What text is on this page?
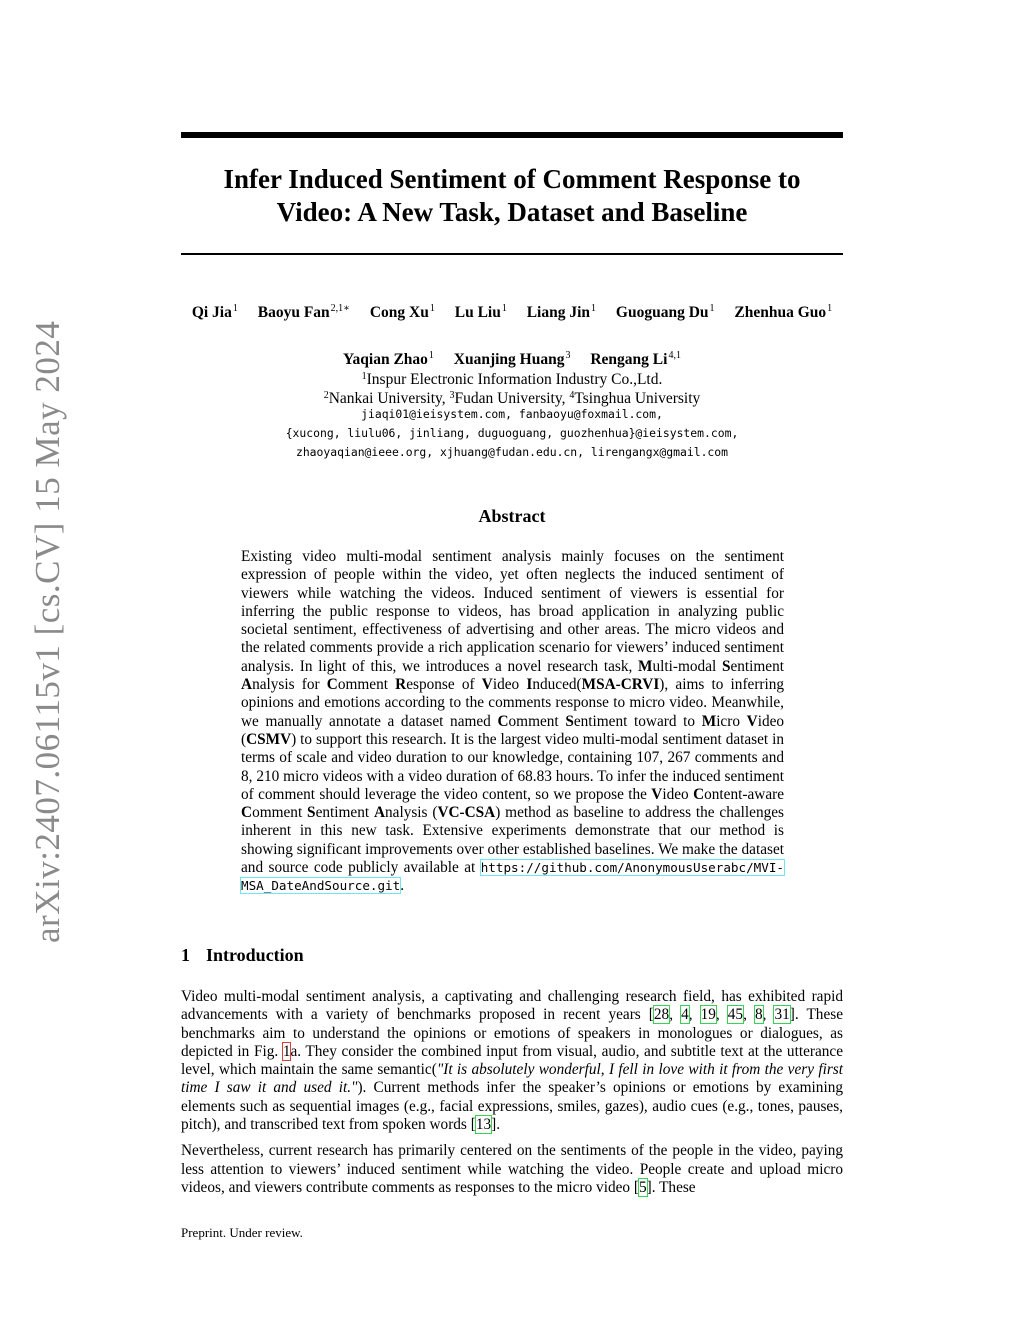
arXiv:2407.06115v1 [cs.CV] 15 May 2024
Infer Induced Sentiment of Comment Response to
Video: A New Task, Dataset and Baseline
Qi Jia$^1$ Baoyu Fan$^{2,1∗}$ Cong Xu$^1$ Lu Liu$^1$ Liang Jin$^1$ Guoguang Du$^1$ Zhenhua Guo$^1$
Yaqian Zhao$^1$ Xuanjing Huang$^3$ Rengang Li$^{4,1}$
$^1$Inspur Electronic Information Industry Co.,Ltd.
$^2$Nankai University, $^3$Fudan University, $^4$Tsinghua University
jiaqi01@ieisystem.com, fanbaoyu@foxmail.com,
{xucong, liulu06, jinliang, duguoguang, guozhenhua}@ieisystem.com,
zhaoyaqian@ieee.org, xjhuang@fudan.edu.cn, lirengangx@gmail.com
Abstract

Existing video multi-modal sentiment analysis mainly focuses on the sentiment expression of people within the video, yet often neglects the induced sentiment of viewers while watching the videos. Induced sentiment of viewers is essential for inferring the public response to videos, has broad application in analyzing public societal sentiment, effectiveness of advertising and other areas. The micro videos and the related comments provide a rich application scenario for viewers’ induced sentiment analysis. In light of this, we introduces a novel research task, Multi-modal Sentiment Analysis for Comment Response of Video Induced(MSA-CRVI), aims to inferring opinions and emotions according to the comments response to micro video. Meanwhile, we manually annotate a dataset named Comment Sentiment toward to Micro Video (CSMV) to support this research. It is the largest video multi-modal sentiment dataset in terms of scale and video duration to our knowledge, containing 107, 267 comments and 8, 210 micro videos with a video duration of 68.83 hours. To infer the induced sentiment of comment should leverage the video content, so we propose the Video Content-aware Comment Sentiment Analysis (VC-CSA) method as baseline to address the challenges inherent in this new task. Extensive experiments demonstrate that our method is showing significant improvements over other established baselines. We make the dataset and source code publicly available at https://github.com/AnonymousUserabc/MVI-MSA_DateAndSource.git.

1 Introduction

Video multi-modal sentiment analysis, a captivating and challenging research field, has exhibited rapid advancements with a variety of benchmarks proposed in recent years [28, 4, 19, 45, 8, 31]. These benchmarks aim to understand the opinions or emotions of speakers in monologues or dialogues, as depicted in Fig. 1a. They consider the combined input from visual, audio, and subtitle text at the utterance level, which maintain the same semantic("It is absolutely wonderful, I fell in love with it from the very first time I saw it and used it."). Current methods infer the speaker’s opinions or emotions by examining elements such as sequential images (e.g., facial expressions, smiles, gazes), audio cues (e.g., tones, pauses, pitch), and transcribed text from spoken words [13].

Nevertheless, current research has primarily centered on the sentiments of the people in the video, paying less attention to viewers’ induced sentiment while watching the video. People create and upload micro videos, and viewers contribute comments as responses to the micro video [5]. These

Preprint. Under review.
